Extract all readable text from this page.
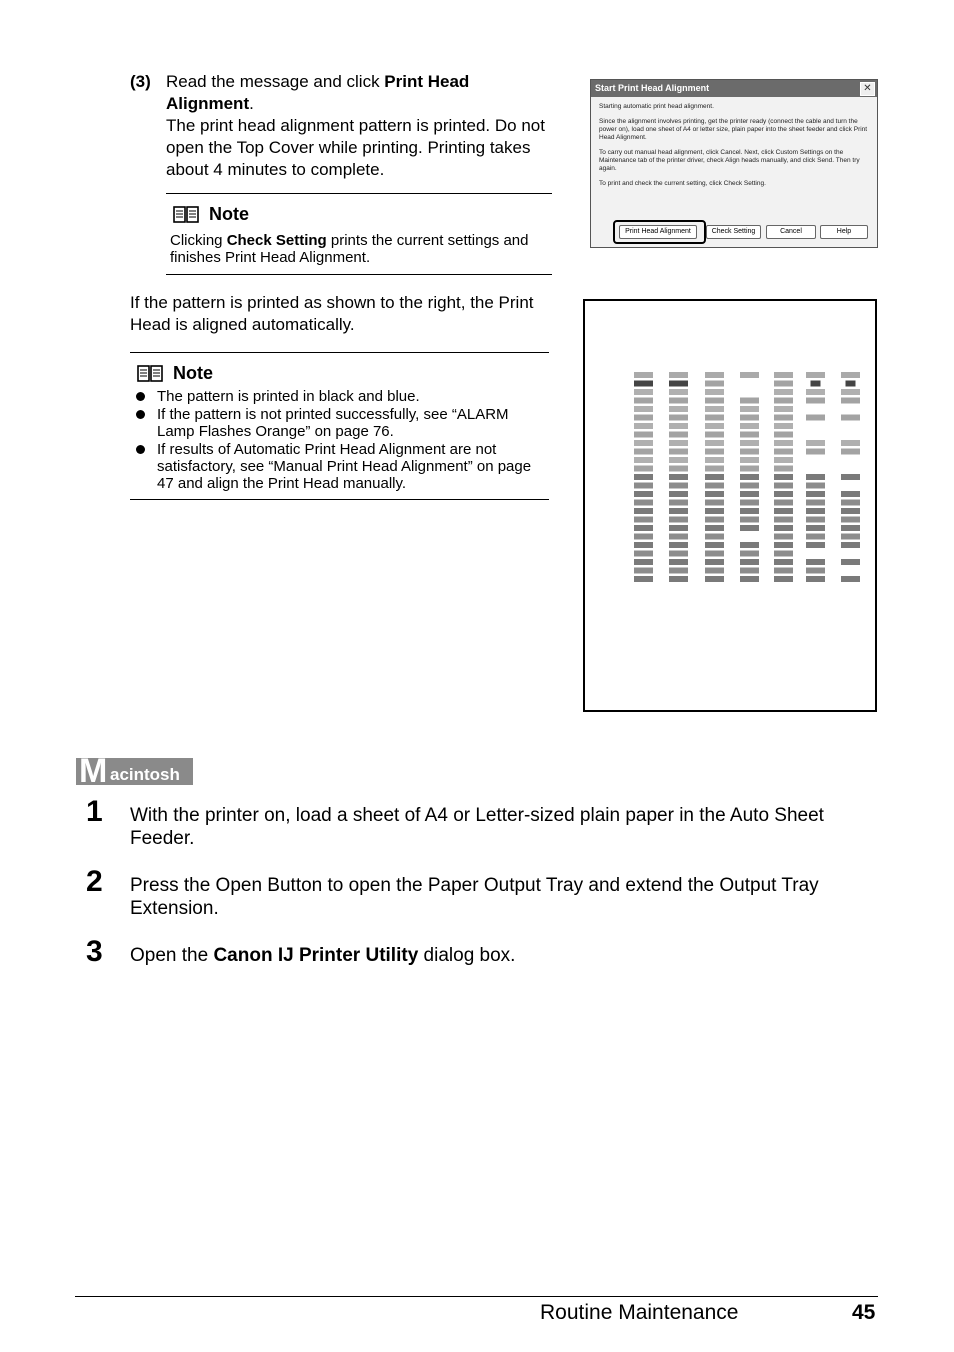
(3) Read the message and click Print Head Alignment.
The print head alignment pattern is printed. Do not open the Top Cover while printing. Printing takes about 4 minutes to complete.
Note
Clicking Check Setting prints the current settings and finishes Print Head Alignment.
Start Print Head Alignment	✕

Starting automatic print head alignment.

Since the alignment involves printing, get the printer ready (connect the cable and turn the power on), load one sheet of A4 or letter size, plain paper into the sheet feeder and click Print Head Alignment.

To carry out manual head alignment, click Cancel. Next, click Custom Settings on the Maintenance tab of the printer driver, check Align heads manually, and click Send. Then try again.

To print and check the current setting, click Check Setting.

Print Head Alignment	Check Setting	Cancel	Help
If the pattern is printed as shown to the right, the Print Head is aligned automatically.
Note
The pattern is printed in black and blue.
If the pattern is not printed successfully, see “ALARM Lamp Flashes Orange” on page 76.
If results of Automatic Print Head Alignment are not satisfactory, see “Manual Print Head Alignment” on page 47 and align the Print Head manually.
M acintosh
1 With the printer on, load a sheet of A4 or Letter-sized plain paper in the Auto Sheet Feeder.
2 Press the Open Button to open the Paper Output Tray and extend the Output Tray Extension.
3 Open the Canon IJ Printer Utility dialog box.
Routine Maintenance	45
